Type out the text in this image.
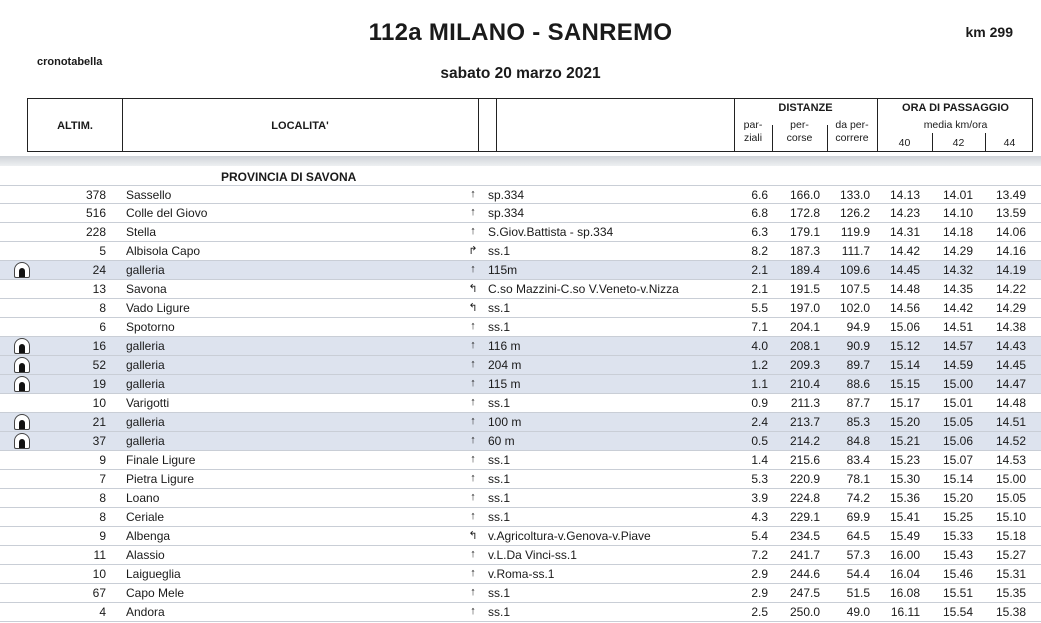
112a MILANO - SANREMO	km 299
cronotabella
sabato 20 marzo 2021
ALTIM.	LOCALITA'
DISTANZE
par-
ziali
per-
corse
da per-
correre
ORA DI PASSAGGIO
media km/ora
40	42	44
PROVINCIA DI SAVONA
378 Sassello	↑	sp.334	6.6	166.0	133.0	14.13	14.01	13.49
516 Colle del Giovo	↑	sp.334	6.8	172.8	126.2	14.23	14.10	13.59
228 Stella	↑	S.Giov.Battista - sp.334	6.3	179.1	119.9	14.31	14.18	14.06
5 Albisola Capo	↱ ss.1	8.2	187.3	111.7	14.42	14.29	14.16
24 galleria	↑	115m	2.1	189.4	109.6	14.45	14.32	14.19
13 Savona	↰ C.so Mazzini-C.so V.Veneto-v.Nizza	2.1	191.5	107.5	14.48	14.35	14.22
8 Vado Ligure	↰ ss.1	5.5	197.0	102.0	14.56	14.42	14.29
6 Spotorno	↑	ss.1	7.1	204.1	94.9	15.06	14.51	14.38
16 galleria	↑	116 m	4.0	208.1	90.9	15.12	14.57	14.43
52 galleria	↑	204 m	1.2	209.3	89.7	15.14	14.59	14.45
19 galleria	↑	115 m	1.1	210.4	88.6	15.15	15.00	14.47
10 Varigotti	↑	ss.1	0.9	211.3	87.7	15.17	15.01	14.48
21 galleria	↑	100 m	2.4	213.7	85.3	15.20	15.05	14.51
37 galleria	↑	60 m	0.5	214.2	84.8	15.21	15.06	14.52
9 Finale Ligure	↑	ss.1	1.4	215.6	83.4	15.23	15.07	14.53
7 Pietra Ligure	↑	ss.1	5.3	220.9	78.1	15.30	15.14	15.00
8 Loano	↑	ss.1	3.9	224.8	74.2	15.36	15.20	15.05
8 Ceriale	↑	ss.1	4.3	229.1	69.9	15.41	15.25	15.10
9 Albenga	↰ v.Agricoltura-v.Genova-v.Piave	5.4	234.5	64.5	15.49	15.33	15.18
11 Alassio	↑	v.L.Da Vinci-ss.1	7.2	241.7	57.3	16.00	15.43	15.27
10 Laigueglia	↑	v.Roma-ss.1	2.9	244.6	54.4	16.04	15.46	15.31
67 Capo Mele	↑	ss.1	2.9	247.5	51.5	16.08	15.51	15.35
4 Andora	↑	ss.1	2.5	250.0	49.0	16.11	15.54	15.38
